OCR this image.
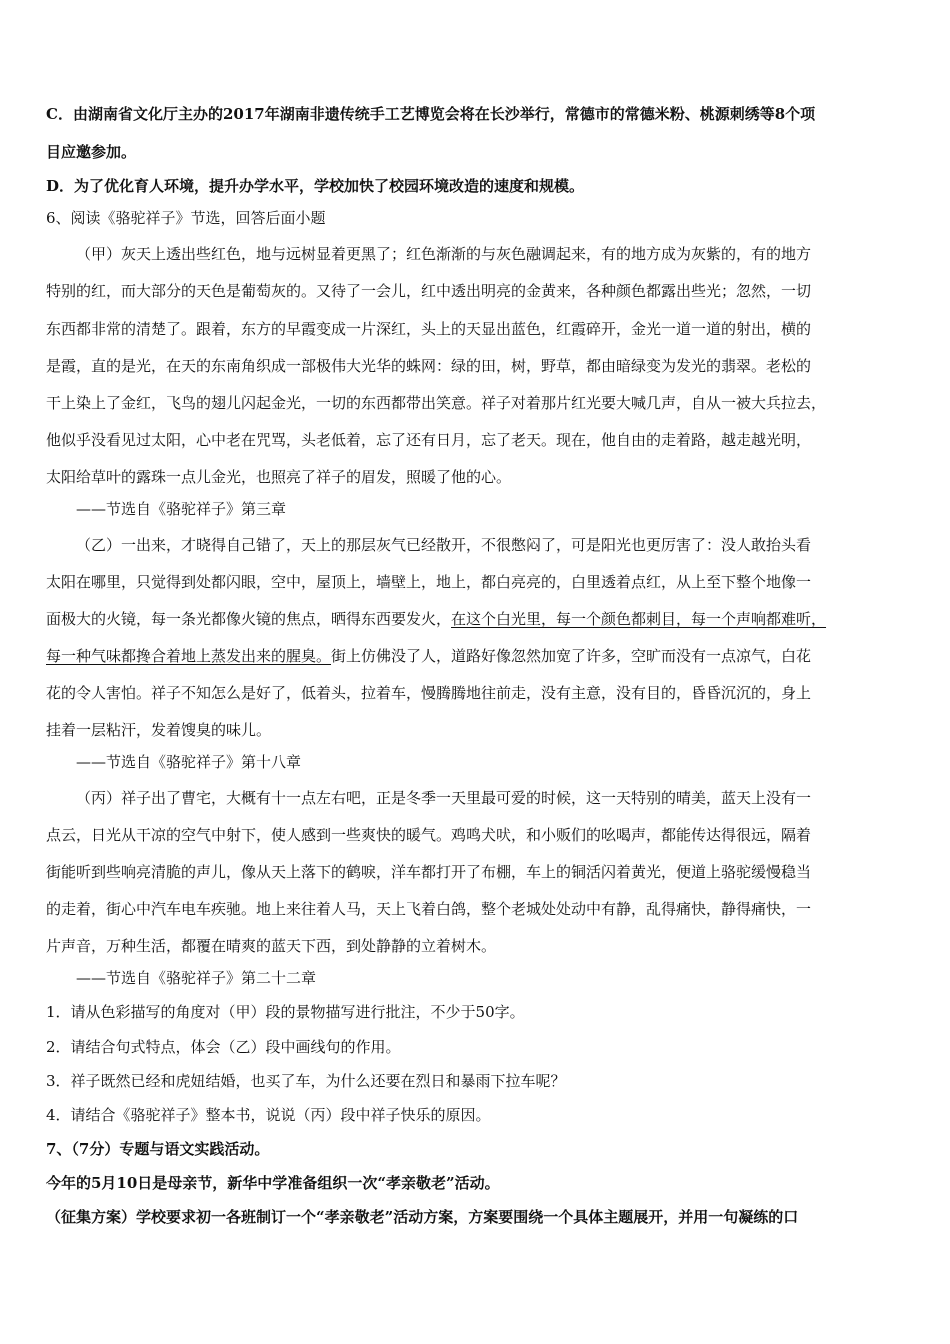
C．由湖南省文化厅主办的2017年湖南非遗传统手工艺博览会将在长沙举行，常德市的常德米粉、桃源刺绣等8个项
目应邀参加。
D．为了优化育人环境，提升办学水平，学校加快了校园环境改造的速度和规模。
6、阅读《骆驼祥子》节选，回答后面小题
（甲）灰天上透出些红色，地与远树显着更黑了；红色渐渐的与灰色融调起来，有的地方成为灰紫的，有的地方
特别的红，而大部分的天色是葡萄灰的。又待了一会儿，红中透出明亮的金黄来，各种颜色都露出些光；忽然，一切
东西都非常的清楚了。跟着，东方的早霞变成一片深红，头上的天显出蓝色，红霞碎开，金光一道一道的射出，横的
是霞，直的是光，在天的东南角织成一部极伟大光华的蛛网：绿的田，树，野草，都由暗绿变为发光的翡翠。老松的
干上染上了金红，飞鸟的翅儿闪起金光，一切的东西都带出笑意。祥子对着那片红光要大喊几声，自从一被大兵拉去，
他似乎没看见过太阳，心中老在咒骂，头老低着，忘了还有日月，忘了老天。现在，他自由的走着路，越走越光明，
太阳给草叶的露珠一点儿金光，也照亮了祥子的眉发，照暖了他的心。
——节选自《骆驼祥子》第三章
（乙）一出来，才晓得自己错了，天上的那层灰气已经散开，不很憋闷了，可是阳光也更厉害了：没人敢抬头看
太阳在哪里，只觉得到处都闪眼，空中，屋顶上，墙壁上，地上，都白亮亮的，白里透着点红，从上至下整个地像一
面极大的火镜，每一条光都像火镜的焦点，晒得东西要发火，在这个白光里，每一个颜色都刺目，每一个声响都难听，
每一种气味都搀合着地上蒸发出来的腥臭。街上仿佛没了人，道路好像忽然加宽了许多，空旷而没有一点凉气，白花
花的令人害怕。祥子不知怎么是好了，低着头，拉着车，慢腾腾地往前走，没有主意，没有目的，昏昏沉沉的，身上
挂着一层粘汗，发着馊臭的味儿。
——节选自《骆驼祥子》第十八章
（丙）祥子出了曹宅，大概有十一点左右吧，正是冬季一天里最可爱的时候，这一天特别的晴美，蓝天上没有一
点云，日光从干凉的空气中射下，使人感到一些爽快的暖气。鸡鸣犬吠，和小贩们的吆喝声，都能传达得很远，隔着
街能听到些响亮清脆的声儿，像从天上落下的鹤唳，洋车都打开了布棚，车上的铜活闪着黄光，便道上骆驼缓慢稳当
的走着，街心中汽车电车疾驰。地上来往着人马，天上飞着白鸽，整个老城处处动中有静，乱得痛快，静得痛快，一
片声音，万种生活，都覆在晴爽的蓝天下西，到处静静的立着树木。
——节选自《骆驼祥子》第二十二章
1．请从色彩描写的角度对（甲）段的景物描写进行批注，不少于50字。
2．请结合句式特点，体会（乙）段中画线句的作用。
3．祥子既然已经和虎妞结婚，也买了车，为什么还要在烈日和暴雨下拉车呢？
4．请结合《骆驼祥子》整本书，说说（丙）段中祥子快乐的原因。
7、（7分）专题与语文实践活动。
今年的5月10日是母亲节，新华中学准备组织一次“孝亲敬老”活动。
（征集方案）学校要求初一各班制订一个“孝亲敬老”活动方案，方案要围绕一个具体主题展开，并用一句凝练的口
